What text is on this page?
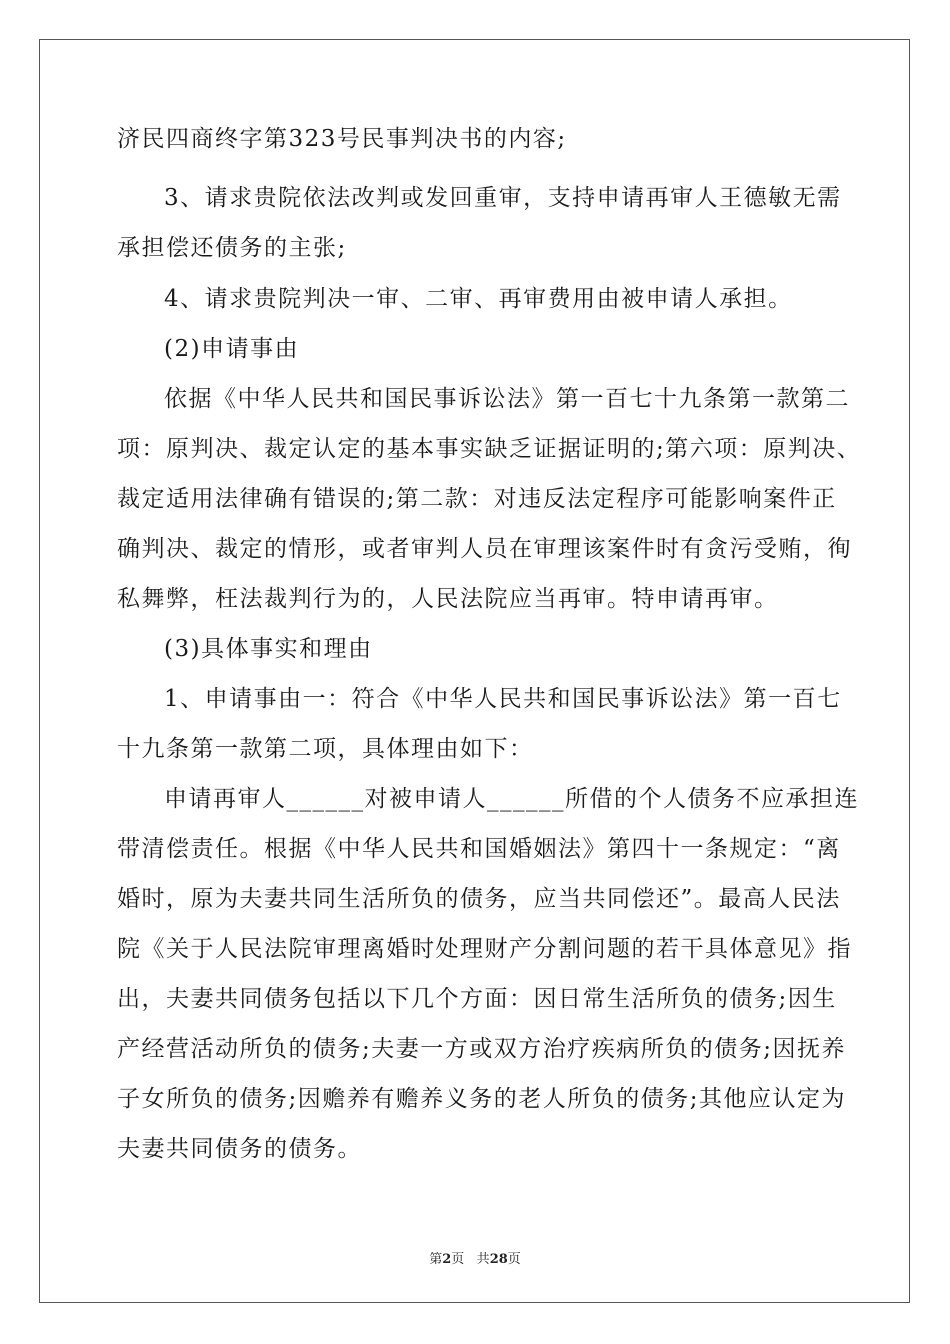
济民四商终字第323号民事判决书的内容;
3、请求贵院依法改判或发回重审，支持申请再审人王德敏无需
承担偿还债务的主张;
4、请求贵院判决一审、二审、再审费用由被申请人承担。
(2)申请事由
依据《中华人民共和国民事诉讼法》第一百七十九条第一款第二
项：原判决、裁定认定的基本事实缺乏证据证明的;第六项：原判决、
裁定适用法律确有错误的;第二款：对违反法定程序可能影响案件正
确判决、裁定的情形，或者审判人员在审理该案件时有贪污受贿，徇
私舞弊，枉法裁判行为的，人民法院应当再审。特申请再审。
(3)具体事实和理由
1、申请事由一：符合《中华人民共和国民事诉讼法》第一百七
十九条第一款第二项，具体理由如下：
申请再审人______对被申请人______所借的个人债务不应承担连
带清偿责任。根据《中华人民共和国婚姻法》第四十一条规定：“离
婚时，原为夫妻共同生活所负的债务，应当共同偿还”。最高人民法
院《关于人民法院审理离婚时处理财产分割问题的若干具体意见》指
出，夫妻共同债务包括以下几个方面：因日常生活所负的债务;因生
产经营活动所负的债务;夫妻一方或双方治疗疾病所负的债务;因抚养
子女所负的债务;因赡养有赡养义务的老人所负的债务;其他应认定为
夫妻共同债务的债务。
第2页 共28页
